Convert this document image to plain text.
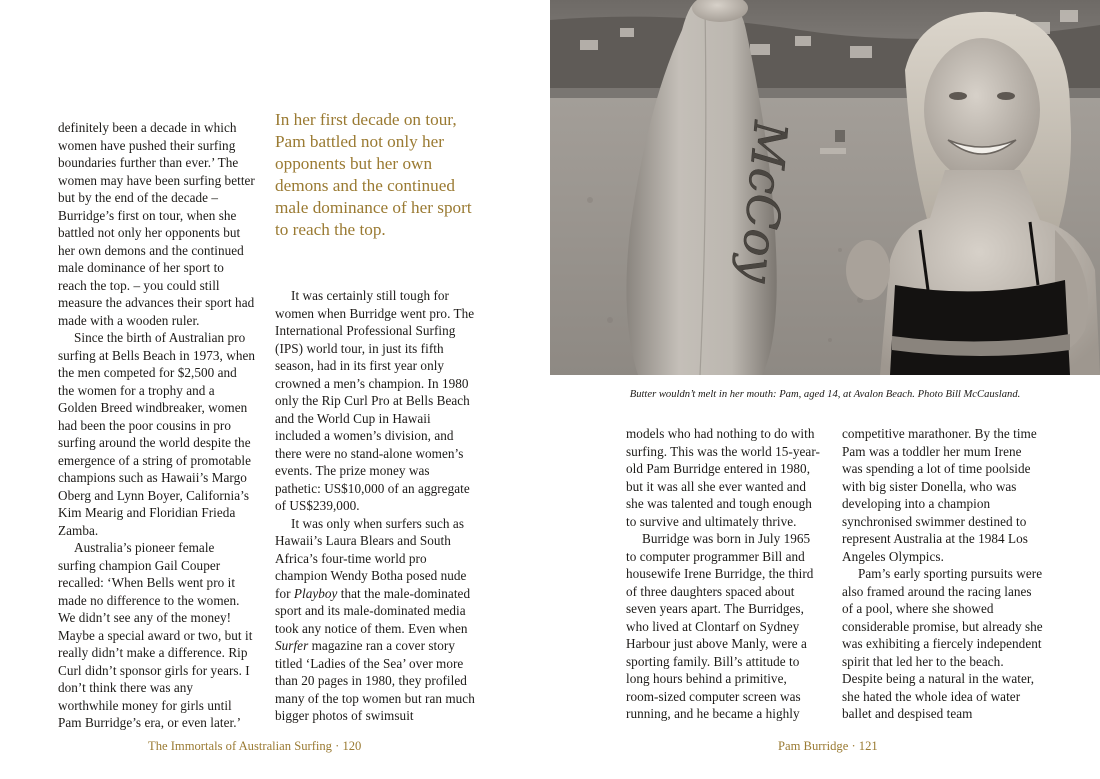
definitely been a decade in which women have pushed their surfing boundaries further than ever.’ The women may have been surfing better but by the end of the decade – Burridge’s first on tour, when she battled not only her opponents but her own demons and the continued male dominance of her sport to reach the top. – you could still measure the advances their sport had made with a wooden ruler.

Since the birth of Australian pro surfing at Bells Beach in 1973, when the men competed for $2,500 and the women for a trophy and a Golden Breed windbreaker, women had been the poor cousins in pro surfing around the world despite the emergence of a string of promotable champions such as Hawaii’s Margo Oberg and Lynn Boyer, California’s Kim Mearig and Floridian Frieda Zamba.

Australia’s pioneer female surfing champion Gail Couper recalled: ‘When Bells went pro it made no difference to the women. We didn’t see any of the money! Maybe a special award or two, but it really didn’t make a difference. Rip Curl didn’t sponsor girls for years. I don’t think there was any worthwhile money for girls until Pam Burridge’s era, or even later.’

In her first decade on tour, Pam battled not only her opponents but her own demons and the continued male dominance of her sport to reach the top.

It was certainly still tough for women when Burridge went pro. The International Professional Surfing (IPS) world tour, in just its fifth season, had in its first year only crowned a men’s champion. In 1980 only the Rip Curl Pro at Bells Beach and the World Cup in Hawaii included a women’s division, and there were no stand-alone women’s events. The prize money was pathetic: US$10,000 of an aggregate of US$239,000.

It was only when surfers such as Hawaii’s Laura Blears and South Africa’s four-time world pro champion Wendy Botha posed nude for Playboy that the male-dominated sport and its male-dominated media took any notice of them. Even when Surfer magazine ran a cover story titled ‘Ladies of the Sea’ over more than 20 pages in 1980, they profiled many of the top women but ran much bigger photos of swimsuit

The Immortals of Australian Surfing · 120
McCoy
Butter wouldn’t melt in her mouth: Pam, aged 14, at Avalon Beach. Photo Bill McCausland.

models who had nothing to do with surfing. This was the world 15-year-old Pam Burridge entered in 1980, but it was all she ever wanted and she was talented and tough enough to survive and ultimately thrive.

Burridge was born in July 1965 to computer programmer Bill and housewife Irene Burridge, the third of three daughters spaced about seven years apart. The Burridges, who lived at Clontarf on Sydney Harbour just above Manly, were a sporting family. Bill’s attitude to long hours behind a primitive, room-sized computer screen was running, and he became a highly

competitive marathoner. By the time Pam was a toddler her mum Irene was spending a lot of time poolside with big sister Donella, who was developing into a champion synchronised swimmer destined to represent Australia at the 1984 Los Angeles Olympics.

Pam’s early sporting pursuits were also framed around the racing lanes of a pool, where she showed considerable promise, but already she was exhibiting a fiercely independent spirit that led her to the beach. Despite being a natural in the water, she hated the whole idea of water ballet and despised team

Pam Burridge · 121
